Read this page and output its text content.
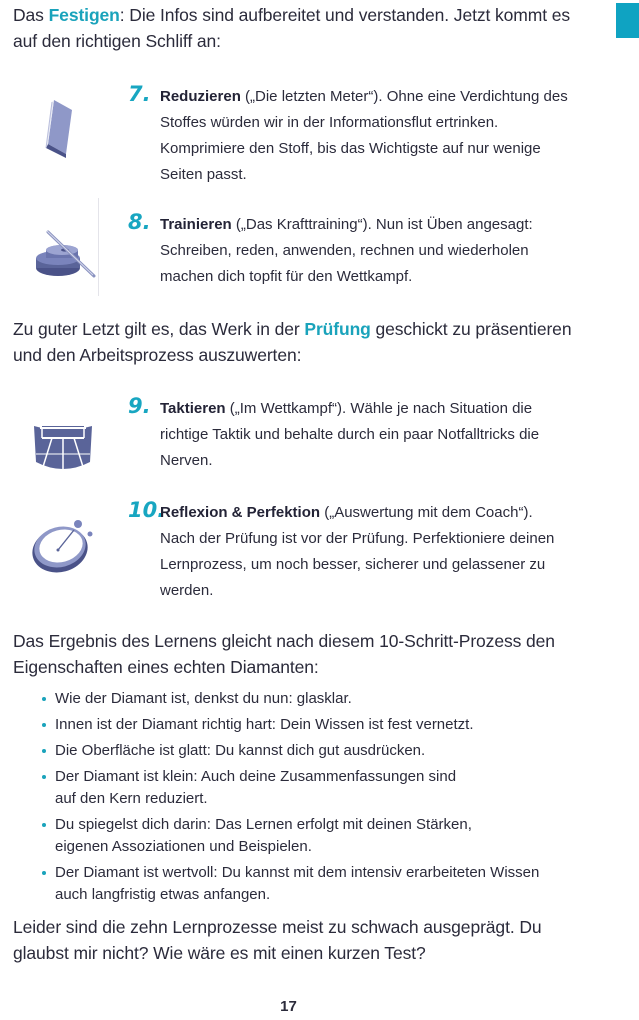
Das Festigen: Die Infos sind aufbereitet und verstanden. Jetzt kommt es auf den richtigen Schliff an:

7. Reduzieren („Die letzten Meter“). Ohne eine Verdichtung des Stoffes würden wir in der Informationsflut ertrinken. Komprimiere den Stoff, bis das Wichtigste auf nur wenige Seiten passt.
8. Trainieren („Das Krafttraining“). Nun ist Üben angesagt: Schreiben, reden, anwenden, rechnen und wiederholen machen dich topfit für den Wettkampf.

Zu guter Letzt gilt es, das Werk in der Prüfung geschickt zu präsentieren und den Arbeitsprozess auszuwerten:

9. Taktieren („Im Wettkampf“). Wähle je nach Situation die richtige Taktik und behalte durch ein paar Notfalltricks die Nerven.
10.
Reflexion & Perfektion („Auswertung mit dem Coach“). Nach der Prüfung ist vor der Prüfung. Perfektioniere deinen Lernprozess, um noch besser, sicherer und gelassener zu werden.

Das Ergebnis des Lernens gleicht nach diesem 10-Schritt-Prozess den Eigenschaften eines echten Diamanten:

Wie der Diamant ist, denkst du nun: glasklar.
Innen ist der Diamant richtig hart: Dein Wissen ist fest vernetzt.
Die Oberfläche ist glatt: Du kannst dich gut ausdrücken.
Der Diamant ist klein: Auch deine Zusammenfassungen sind auf den Kern reduziert.
Du spiegelst dich darin: Das Lernen erfolgt mit deinen Stärken, eigenen Assoziationen und Beispielen.
Der Diamant ist wertvoll: Du kannst mit dem intensiv erarbeiteten Wissen auch langfristig etwas anfangen.

Leider sind die zehn Lernprozesse meist zu schwach ausgeprägt. Du glaubst mir nicht? Wie wäre es mit einen kurzen Test?

17
